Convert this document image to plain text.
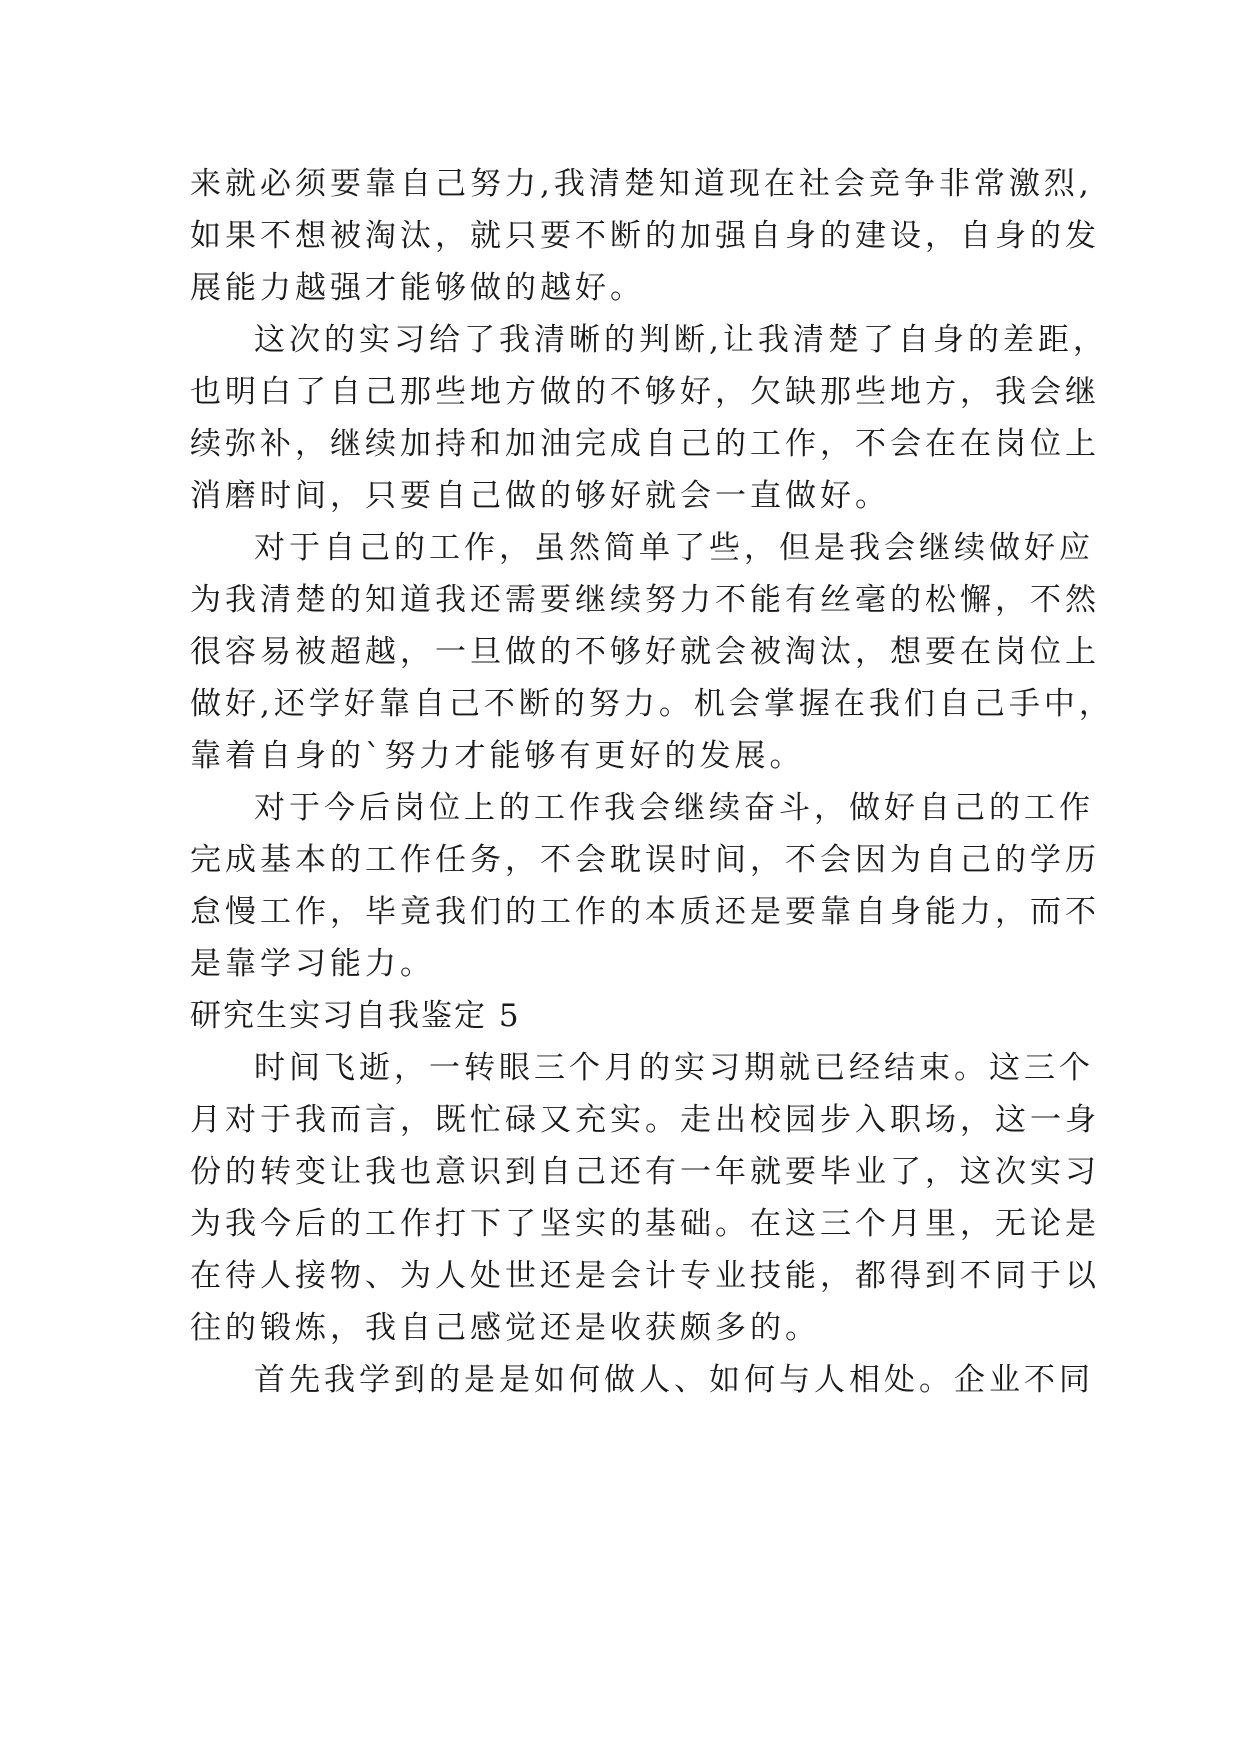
来就必须要靠自己努力,我清楚知道现在社会竞争非常激烈,
如果不想被淘汰，就只要不断的加强自身的建设，自身的发
展能力越强才能够做的越好。
这次的实习给了我清晰的判断,让我清楚了自身的差距，
也明白了自己那些地方做的不够好，欠缺那些地方，我会继
续弥补，继续加持和加油完成自己的工作，不会在在岗位上
消磨时间，只要自己做的够好就会一直做好。
对于自己的工作，虽然简单了些，但是我会继续做好应
为我清楚的知道我还需要继续努力不能有丝毫的松懈，不然
很容易被超越，一旦做的不够好就会被淘汰，想要在岗位上
做好,还学好靠自己不断的努力。机会掌握在我们自己手中，
靠着自身的`努力才能够有更好的发展。
对于今后岗位上的工作我会继续奋斗，做好自己的工作
完成基本的工作任务，不会耽误时间，不会因为自己的学历
怠慢工作，毕竟我们的工作的本质还是要靠自身能力，而不
是靠学习能力。
研究生实习自我鉴定 5
时间飞逝，一转眼三个月的实习期就已经结束。这三个
月对于我而言，既忙碌又充实。走出校园步入职场，这一身
份的转变让我也意识到自己还有一年就要毕业了，这次实习
为我今后的工作打下了坚实的基础。在这三个月里，无论是
在待人接物、为人处世还是会计专业技能，都得到不同于以
往的锻炼，我自己感觉还是收获颇多的。
首先我学到的是是如何做人、如何与人相处。企业不同
